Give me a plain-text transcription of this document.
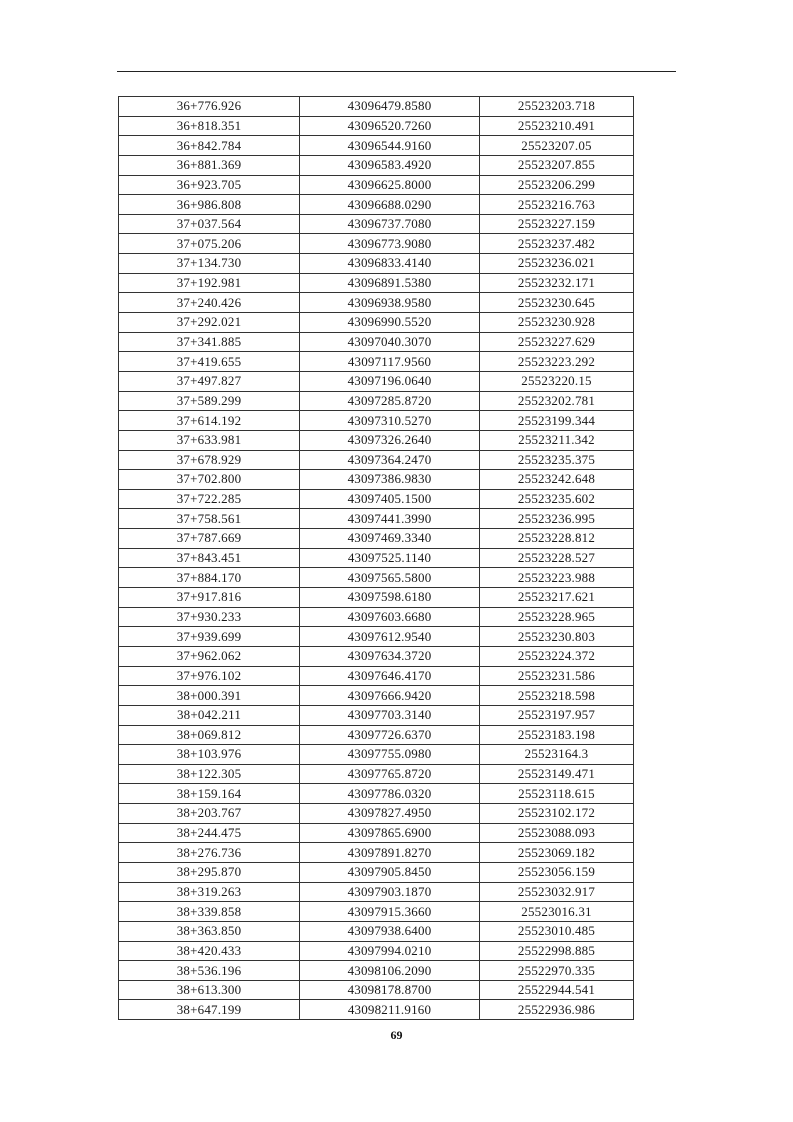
36+776.926	43096479.8580	25523203.718
36+818.351	43096520.7260	25523210.491
36+842.784	43096544.9160	25523207.05
36+881.369	43096583.4920	25523207.855
36+923.705	43096625.8000	25523206.299
36+986.808	43096688.0290	25523216.763
37+037.564	43096737.7080	25523227.159
37+075.206	43096773.9080	25523237.482
37+134.730	43096833.4140	25523236.021
37+192.981	43096891.5380	25523232.171
37+240.426	43096938.9580	25523230.645
37+292.021	43096990.5520	25523230.928
37+341.885	43097040.3070	25523227.629
37+419.655	43097117.9560	25523223.292
37+497.827	43097196.0640	25523220.15
37+589.299	43097285.8720	25523202.781
37+614.192	43097310.5270	25523199.344
37+633.981	43097326.2640	25523211.342
37+678.929	43097364.2470	25523235.375
37+702.800	43097386.9830	25523242.648
37+722.285	43097405.1500	25523235.602
37+758.561	43097441.3990	25523236.995
37+787.669	43097469.3340	25523228.812
37+843.451	43097525.1140	25523228.527
37+884.170	43097565.5800	25523223.988
37+917.816	43097598.6180	25523217.621
37+930.233	43097603.6680	25523228.965
37+939.699	43097612.9540	25523230.803
37+962.062	43097634.3720	25523224.372
37+976.102	43097646.4170	25523231.586
38+000.391	43097666.9420	25523218.598
38+042.211	43097703.3140	25523197.957
38+069.812	43097726.6370	25523183.198
38+103.976	43097755.0980	25523164.3
38+122.305	43097765.8720	25523149.471
38+159.164	43097786.0320	25523118.615
38+203.767	43097827.4950	25523102.172
38+244.475	43097865.6900	25523088.093
38+276.736	43097891.8270	25523069.182
38+295.870	43097905.8450	25523056.159
38+319.263	43097903.1870	25523032.917
38+339.858	43097915.3660	25523016.31
38+363.850	43097938.6400	25523010.485
38+420.433	43097994.0210	25522998.885
38+536.196	43098106.2090	25522970.335
38+613.300	43098178.8700	25522944.541
38+647.199	43098211.9160	25522936.986
69
